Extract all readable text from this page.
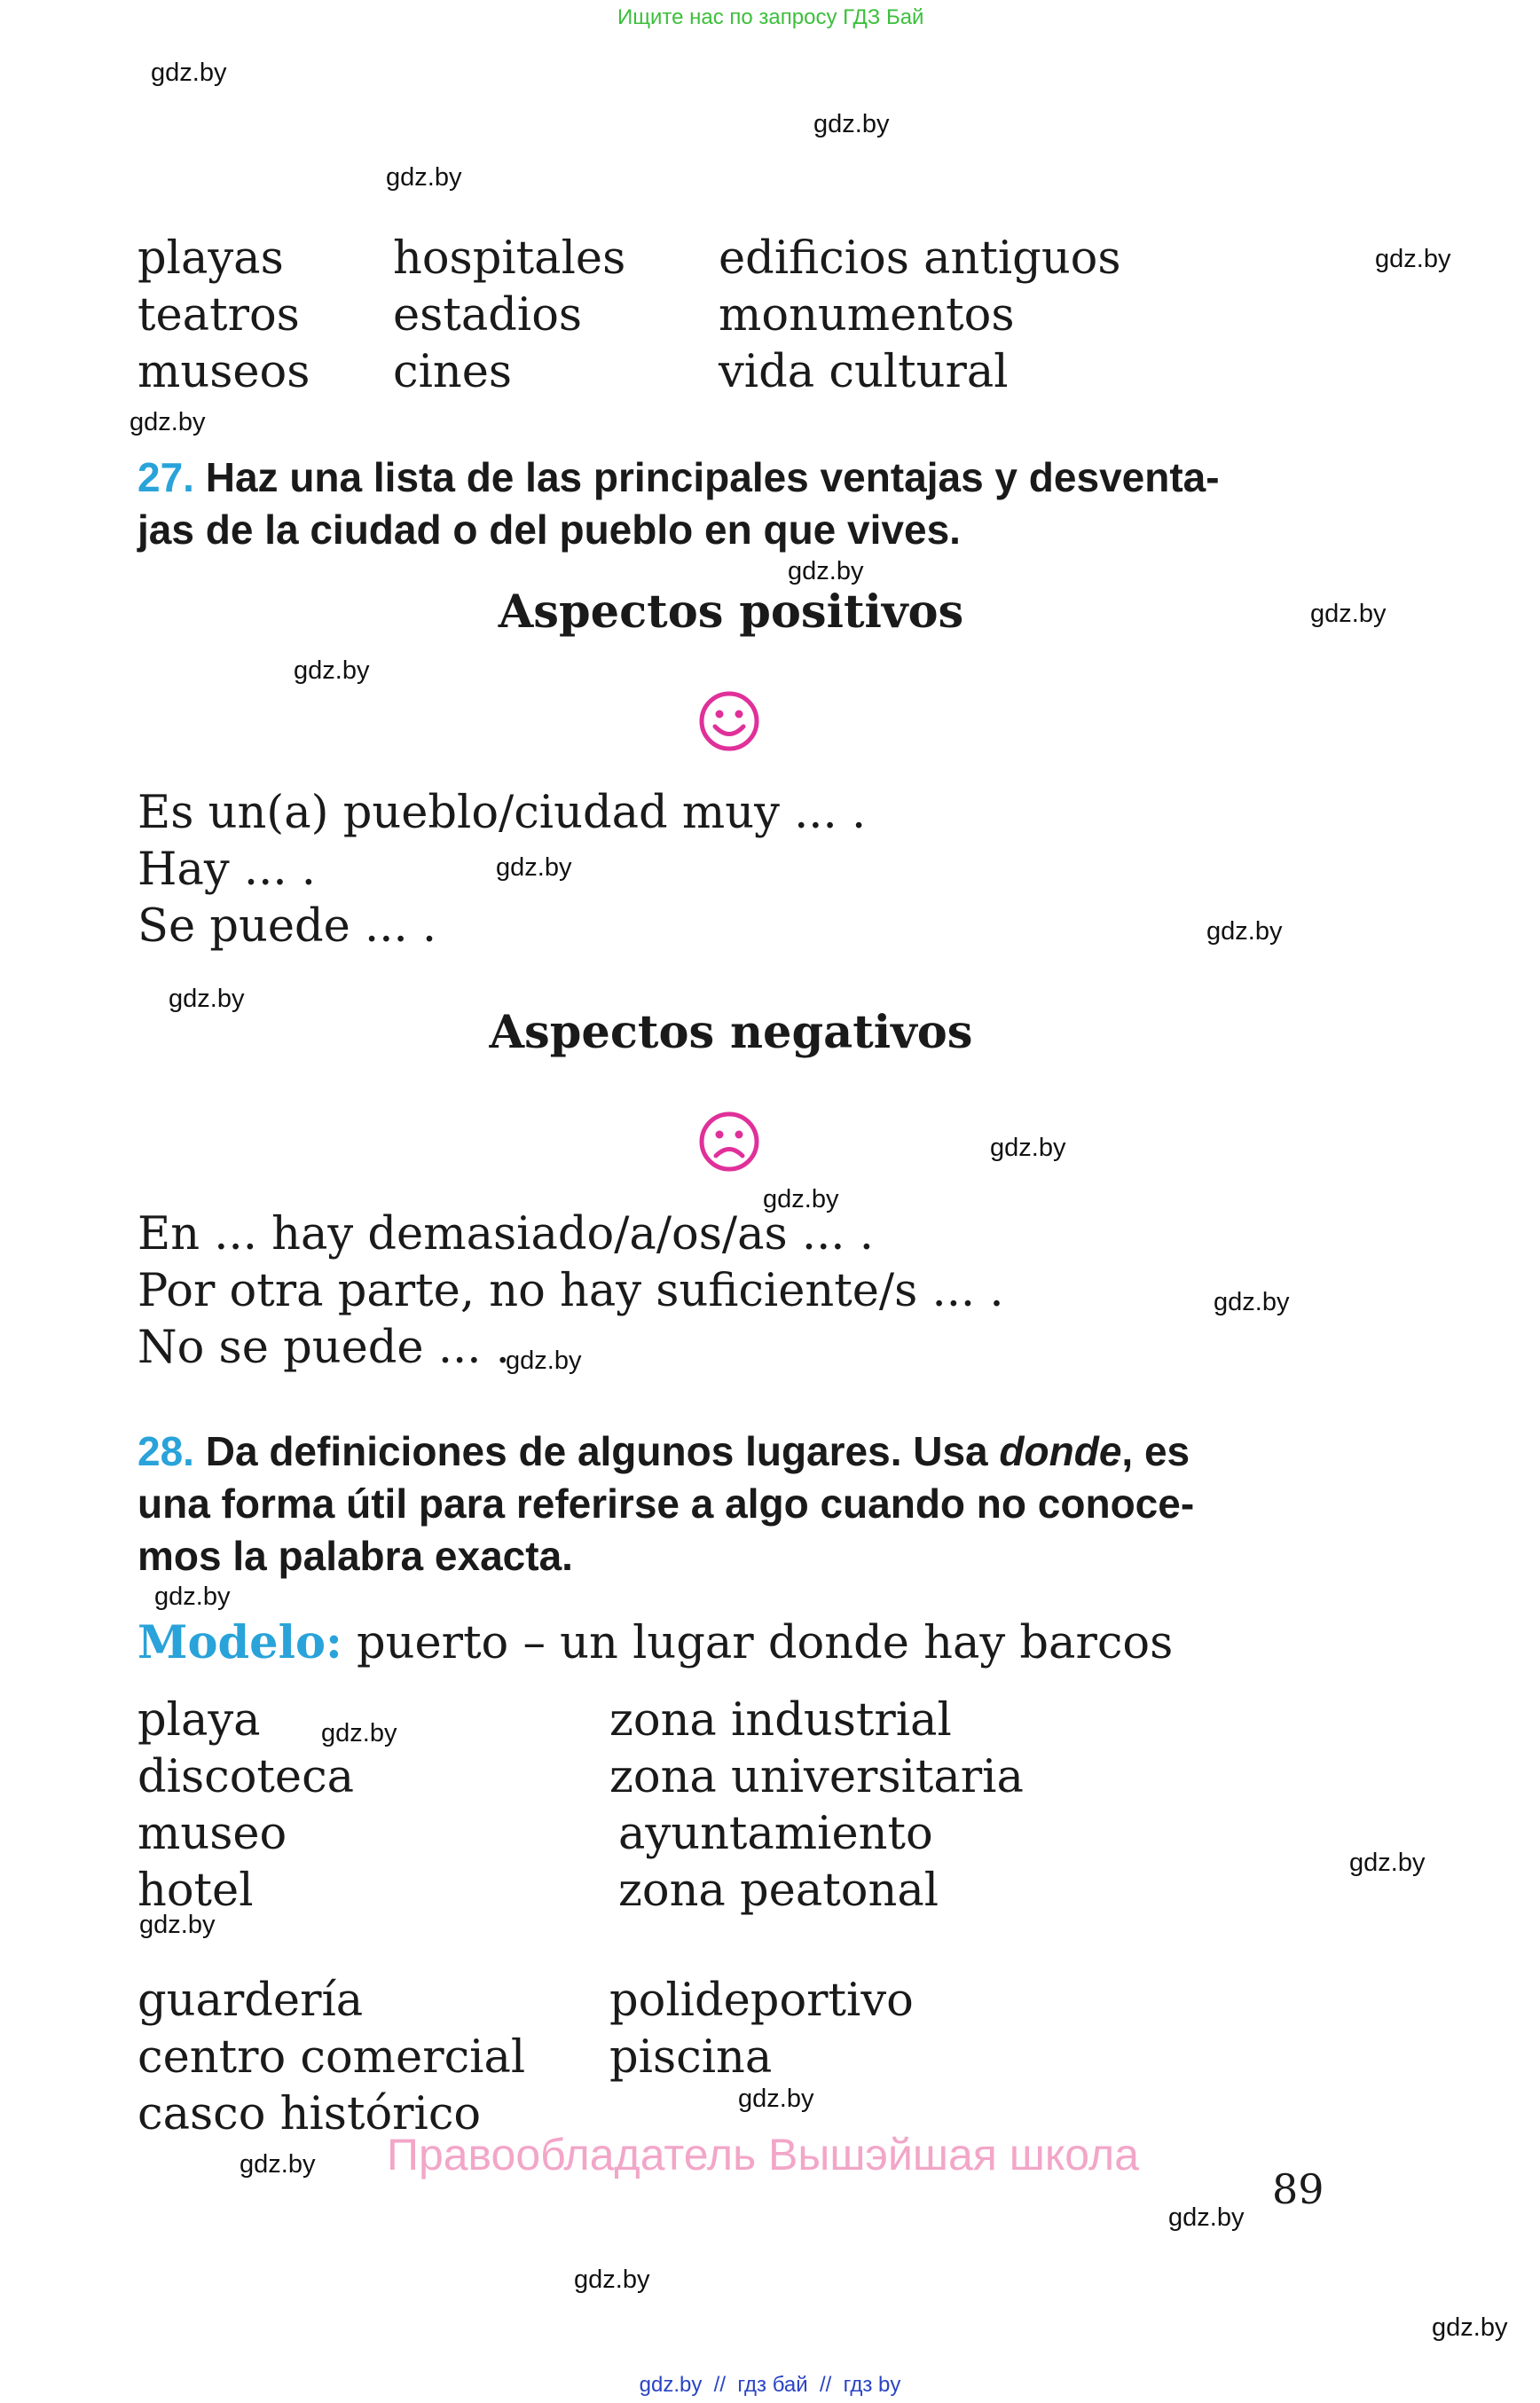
Ищите нас по запросу ГДЗ Бай
gdz.by
gdz.by
gdz.by
gdz.by
gdz.by
gdz.by
gdz.by
gdz.by
gdz.by
gdz.by
gdz.by
gdz.by
gdz.by
gdz.by
gdz.by
gdz.by
gdz.by
gdz.by
gdz.by
gdz.by
gdz.by
gdz.by
gdz.by
gdz.by
playas
teatros
museos
hospitales
estadios
cines
edificios antiguos
monumentos
vida cultural
27. Haz una lista de las principales ventajas y desventa-
jas de la ciudad o del pueblo en que vives.
Aspectos positivos
Es un(a) pueblo/ciudad muy ... .
Hay ... .
Se puede ... .
Aspectos negativos
En ... hay demasiado/a/os/as ... .
Por otra parte, no hay suficiente/s ... .
No se puede ... .
28. Da definiciones de algunos lugares. Usa donde, es
una forma útil para referirse a algo cuando no conoce-
mos la palabra exacta.
Modelo: puerto – un lugar donde hay barcos
playa
discoteca
museo
hotel
zona industrial
zona universitaria
ayuntamiento
zona peatonal
guardería
centro comercial
casco histórico
polideportivo
piscina
Правообладатель Вышэйшая школа
89
gdz.by  //  гдз бай  //  гдз by
